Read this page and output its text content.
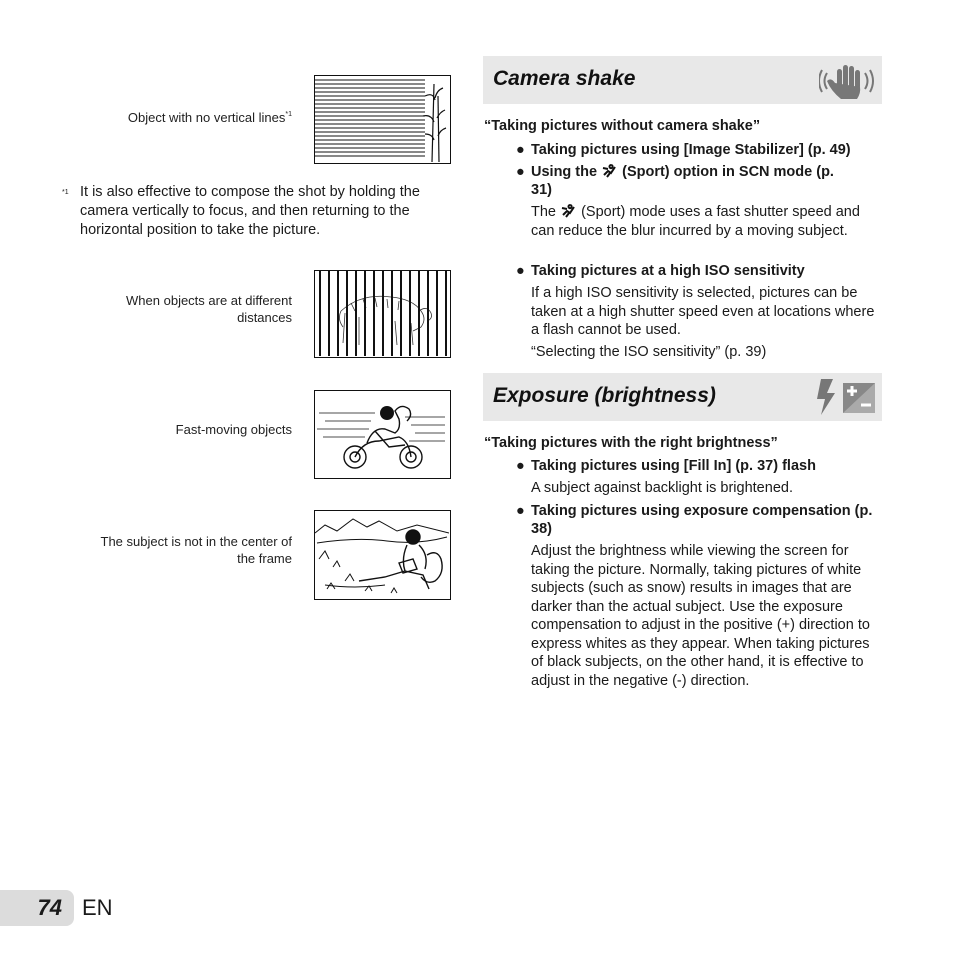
Object with no vertical lines$^{*1}$
*1 It is also effective to compose the shot by holding the camera vertically to focus, and then returning to the horizontal position to take the picture.
When objects are at different distances
Fast-moving objects
The subject is not in the center of the frame
Camera shake
“Taking pictures without camera shake”
● Taking pictures using [Image Stabilizer] (p. 49)
● Using the (Sport) option in SCN mode (p. 31)
The (Sport) mode uses a fast shutter speed and can reduce the blur incurred by a moving subject.
● Taking pictures at a high ISO sensitivity
If a high ISO sensitivity is selected, pictures can be taken at a high shutter speed even at locations where a flash cannot be used.
“Selecting the ISO sensitivity” (p. 39)
Exposure (brightness)
“Taking pictures with the right brightness”
● Taking pictures using [Fill In] (p. 37) flash
A subject against backlight is brightened.
● Taking pictures using exposure compensation (p. 38)
Adjust the brightness while viewing the screen for taking the picture. Normally, taking pictures of white subjects (such as snow) results in images that are darker than the actual subject. Use the exposure compensation to adjust in the positive (+) direction to express whites as they appear. When taking pictures of black subjects, on the other hand, it is effective to adjust in the negative (-) direction.
74 EN
